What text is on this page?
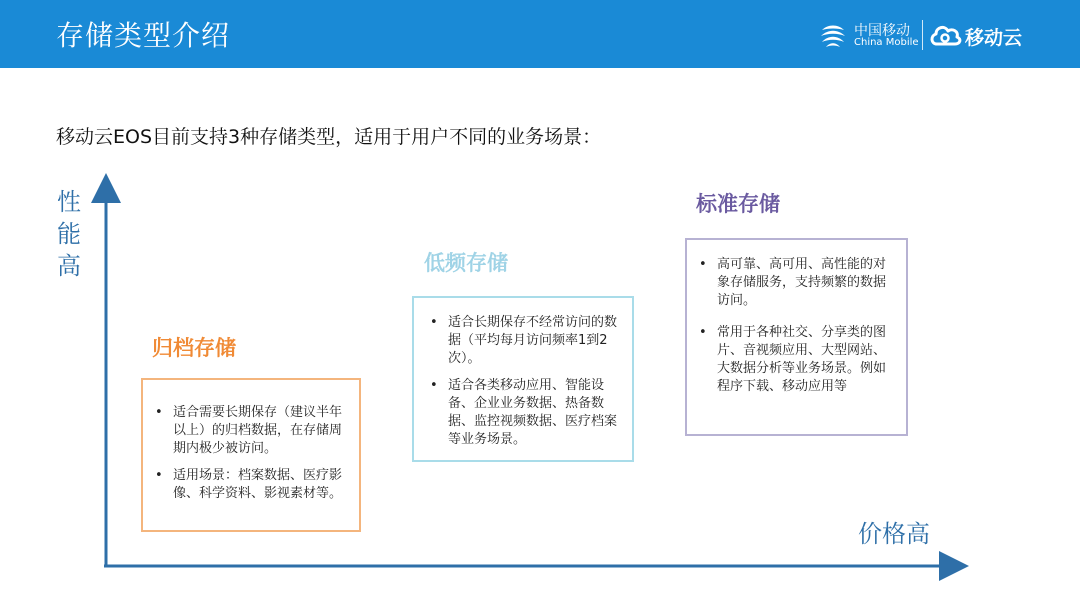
存储类型介绍	中国移动
China Mobile 移动云
移动云EOS目前支持3种存储类型，适用于用户不同的业务场景：
性
能
高
价格高
归档存储
• 适合需要长期保存（建议半年以上）的归档数据，在存储周期内极少被访问。
• 适用场景：档案数据、医疗影像、科学资料、影视素材等。
低频存储
• 适合长期保存不经常访问的数据（平均每月访问频率1到2次）。
• 适合各类移动应用、智能设备、企业业务数据、热备数据、监控视频数据、医疗档案等业务场景。
标准存储
• 高可靠、高可用、高性能的对象存储服务，支持频繁的数据访问。
• 常用于各种社交、分享类的图片、音视频应用、大型网站、大数据分析等业务场景。例如程序下载、移动应用等
